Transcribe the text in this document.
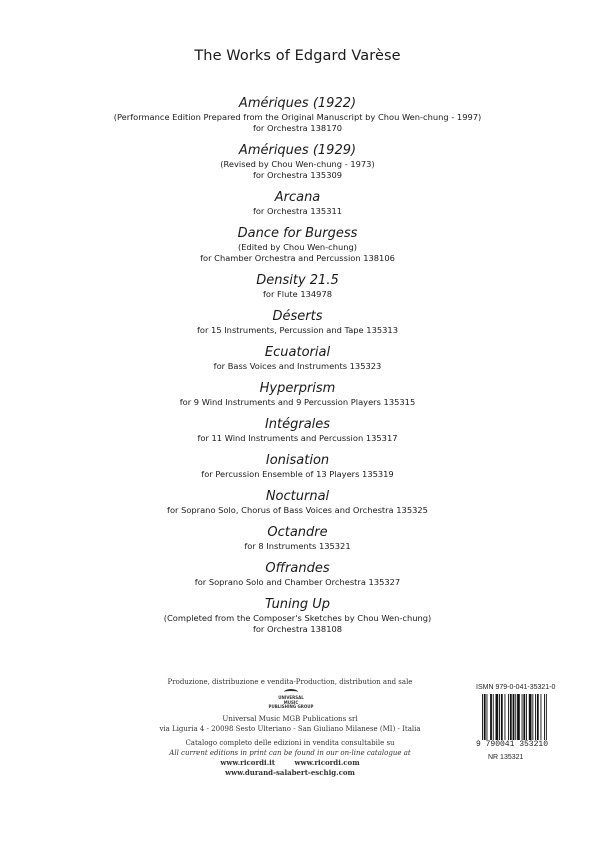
The Works of Edgard Varèse
Amériques (1922)
(Performance Edition Prepared from the Original Manuscript by Chou Wen-chung - 1997)
for Orchestra 138170
Amériques (1929)
(Revised by Chou Wen-chung - 1973)
for Orchestra 135309
Arcana
for Orchestra 135311
Dance for Burgess
(Edited by Chou Wen-chung)
for Chamber Orchestra and Percussion 138106
Density 21.5
for Flute 134978
Déserts
for 15 Instruments, Percussion and Tape 135313
Ecuatorial
for Bass Voices and Instruments 135323
Hyperprism
for 9 Wind Instruments and 9 Percussion Players 135315
Intégrales
for 11 Wind Instruments and Percussion 135317
Ionisation
for Percussion Ensemble of 13 Players 135319
Nocturnal
for Soprano Solo, Chorus of Bass Voices and Orchestra 135325
Octandre
for 8 Instruments 135321
Offrandes
for Soprano Solo and Chamber Orchestra 135327
Tuning Up
(Completed from the Composer's Sketches by Chou Wen-chung)
for Orchestra 138108
Produzione, distribuzione e vendita-Production, distribution and sale
UNIVERSAL
MUSIC
PUBLISHING GROUP
Universal Music MGB Publications srl
via Liguria 4 - 20098 Sesto Ulteriano - San Giuliano Milanese (MI) - Italia
Catalogo completo delle edizioni in vendita consultabile su
All current editions in print can be found in our on-line catalogue at
www.ricordi.it	www.ricordi.com
www.durand-salabert-eschig.com
ISMN 979-0-041-35321-0
9 790041 353210
NR 135321
